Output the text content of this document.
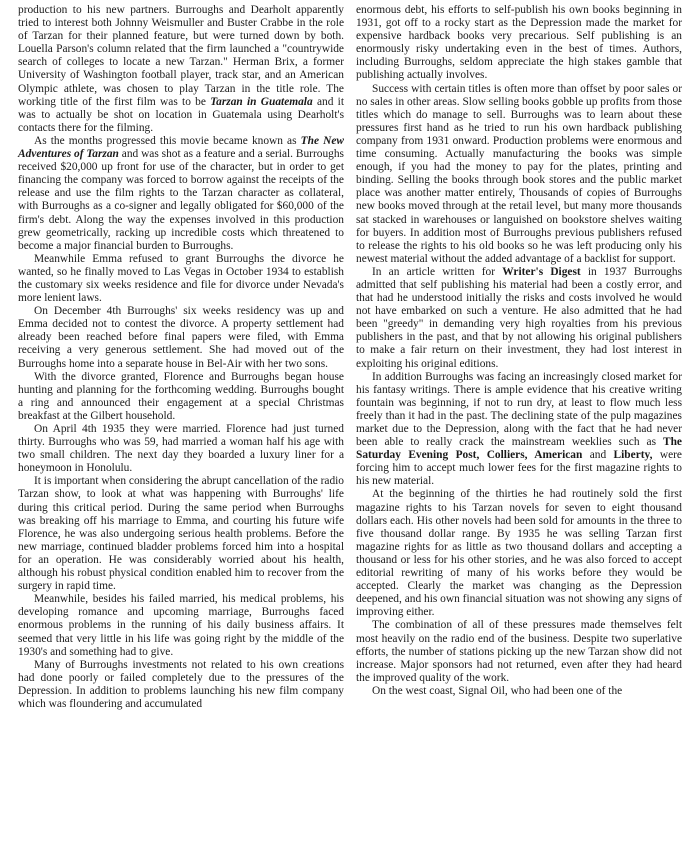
production to his new partners. Burroughs and Dearholt apparently tried to interest both Johnny Weismuller and Buster Crabbe in the role of Tarzan for their planned feature, but were turned down by both. Louella Parson's column related that the firm launched a "countrywide search of colleges to locate a new Tarzan." Herman Brix, a former University of Washington football player, track star, and an American Olympic athlete, was chosen to play Tarzan in the title role. The working title of the first film was to be Tarzan in Guatemala and it was to actually be shot on location in Guatemala using Dearholt's contacts there for the filming.

As the months progressed this movie became known as The New Adventures of Tarzan and was shot as a feature and a serial. Burroughs received $20,000 up front for use of the character, but in order to get financing the company was forced to borrow against the receipts of the release and use the film rights to the Tarzan character as collateral, with Burroughs as a co-signer and legally obligated for $60,000 of the firm's debt. Along the way the expenses involved in this production grew geometrically, racking up incredible costs which threatened to become a major financial burden to Burroughs.

Meanwhile Emma refused to grant Burroughs the divorce he wanted, so he finally moved to Las Vegas in October 1934 to establish the customary six weeks residence and file for divorce under Nevada's more lenient laws.

On December 4th Burroughs' six weeks residency was up and Emma decided not to contest the divorce. A property settlement had already been reached before final papers were filed, with Emma receiving a very generous settlement. She had moved out of the Burroughs home into a separate house in Bel-Air with her two sons.

With the divorce granted, Florence and Burroughs began house hunting and planning for the forthcoming wedding. Burroughs bought a ring and announced their engagement at a special Christmas breakfast at the Gilbert household.

On April 4th 1935 they were married. Florence had just turned thirty. Burroughs who was 59, had married a woman half his age with two small children. The next day they boarded a luxury liner for a honeymoon in Honolulu.

It is important when considering the abrupt cancellation of the radio Tarzan show, to look at what was happening with Burroughs' life during this critical period. During the same period when Burroughs was breaking off his marriage to Emma, and courting his future wife Florence, he was also undergoing serious health problems. Before the new marriage, continued bladder problems forced him into a hospital for an operation. He was considerably worried about his health, although his robust physical condition enabled him to recover from the surgery in rapid time.

Meanwhile, besides his failed married, his medical problems, his developing romance and upcoming marriage, Burroughs faced enormous problems in the running of his daily business affairs. It seemed that very little in his life was going right by the middle of the 1930's and something had to give.

Many of Burroughs investments not related to his own creations had done poorly or failed completely due to the pressures of the Depression. In addition to problems launching his new film company which was floundering and accumulated

enormous debt, his efforts to self-publish his own books beginning in 1931, got off to a rocky start as the Depression made the market for expensive hardback books very precarious. Self publishing is an enormously risky undertaking even in the best of times. Authors, including Burroughs, seldom appreciate the high stakes gamble that publishing actually involves.

Success with certain titles is often more than offset by poor sales or no sales in other areas. Slow selling books gobble up profits from those titles which do manage to sell. Burroughs was to learn about these pressures first hand as he tried to run his own hardback publishing company from 1931 onward. Production problems were enormous and time consuming. Actually manufacturing the books was simple enough, if you had the money to pay for the plates, printing and binding. Selling the books through book stores and the public market place was another matter entirely, Thousands of copies of Burroughs new books moved through at the retail level, but many more thousands sat stacked in warehouses or languished on bookstore shelves waiting for buyers. In addition most of Burroughs previous publishers refused to release the rights to his old books so he was left producing only his newest material without the added advantage of a backlist for support.

In an article written for Writer's Digest in 1937 Burroughs admitted that self publishing his material had been a costly error, and that had he understood initially the risks and costs involved he would not have embarked on such a venture. He also admitted that he had been "greedy" in demanding very high royalties from his previous publishers in the past, and that by not allowing his original publishers to make a fair return on their investment, they had lost interest in exploiting his original editions.

In addition Burroughs was facing an increasingly closed market for his fantasy writings. There is ample evidence that his creative writing fountain was beginning, if not to run dry, at least to flow much less freely than it had in the past. The declining state of the pulp magazines market due to the Depression, along with the fact that he had never been able to really crack the mainstream weeklies such as The Saturday Evening Post, Colliers, American and Liberty, were forcing him to accept much lower fees for the first magazine rights to his new material.

At the beginning of the thirties he had routinely sold the first magazine rights to his Tarzan novels for seven to eight thousand dollars each. His other novels had been sold for amounts in the three to five thousand dollar range. By 1935 he was selling Tarzan first magazine rights for as little as two thousand dollars and accepting a thousand or less for his other stories, and he was also forced to accept editorial rewriting of many of his works before they would be accepted. Clearly the market was changing as the Depression deepened, and his own financial situation was not showing any signs of improving either.

The combination of all of these pressures made themselves felt most heavily on the radio end of the business. Despite two superlative efforts, the number of stations picking up the new Tarzan show did not increase. Major sponsors had not returned, even after they had heard the improved quality of the work.

On the west coast, Signal Oil, who had been one of the
